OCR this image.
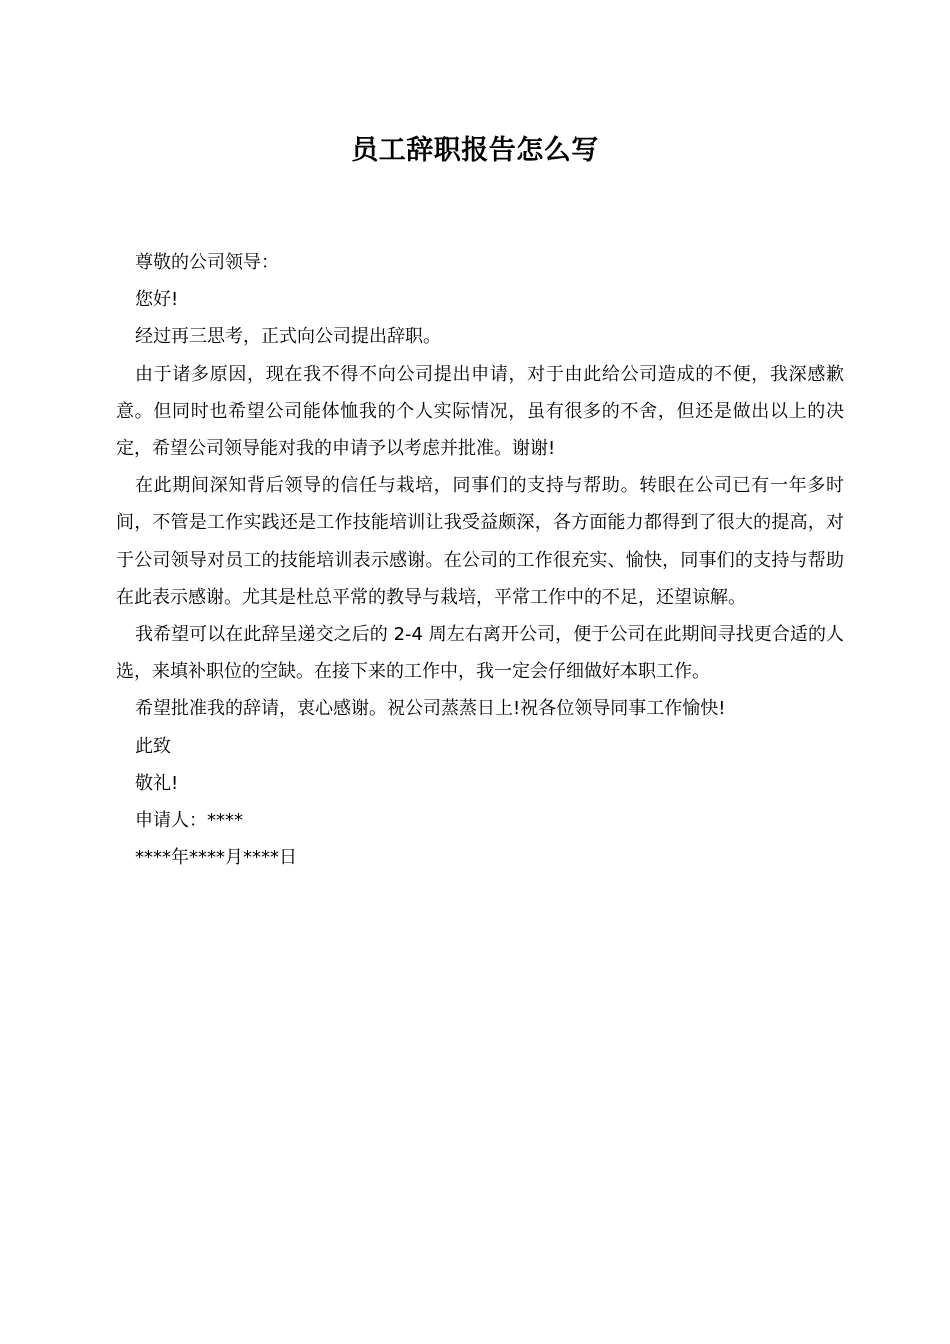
员工辞职报告怎么写

尊敬的公司领导：

您好!

经过再三思考，正式向公司提出辞职。

由于诸多原因，现在我不得不向公司提出申请，对于由此给公司造成的不便，我深感歉意。但同时也希望公司能体恤我的个人实际情况，虽有很多的不舍，但还是做出以上的决定，希望公司领导能对我的申请予以考虑并批准。谢谢!

在此期间深知背后领导的信任与栽培，同事们的支持与帮助。转眼在公司已有一年多时间，不管是工作实践还是工作技能培训让我受益颇深，各方面能力都得到了很大的提高，对于公司领导对员工的技能培训表示感谢。在公司的工作很充实、愉快，同事们的支持与帮助在此表示感谢。尤其是杜总平常的教导与栽培，平常工作中的不足，还望谅解。

我希望可以在此辞呈递交之后的 2-4 周左右离开公司，便于公司在此期间寻找更合适的人选，来填补职位的空缺。在接下来的工作中，我一定会仔细做好本职工作。

希望批准我的辞请，衷心感谢。祝公司蒸蒸日上!祝各位领导同事工作愉快!

此致

敬礼!

申请人：****

****年****月****日
